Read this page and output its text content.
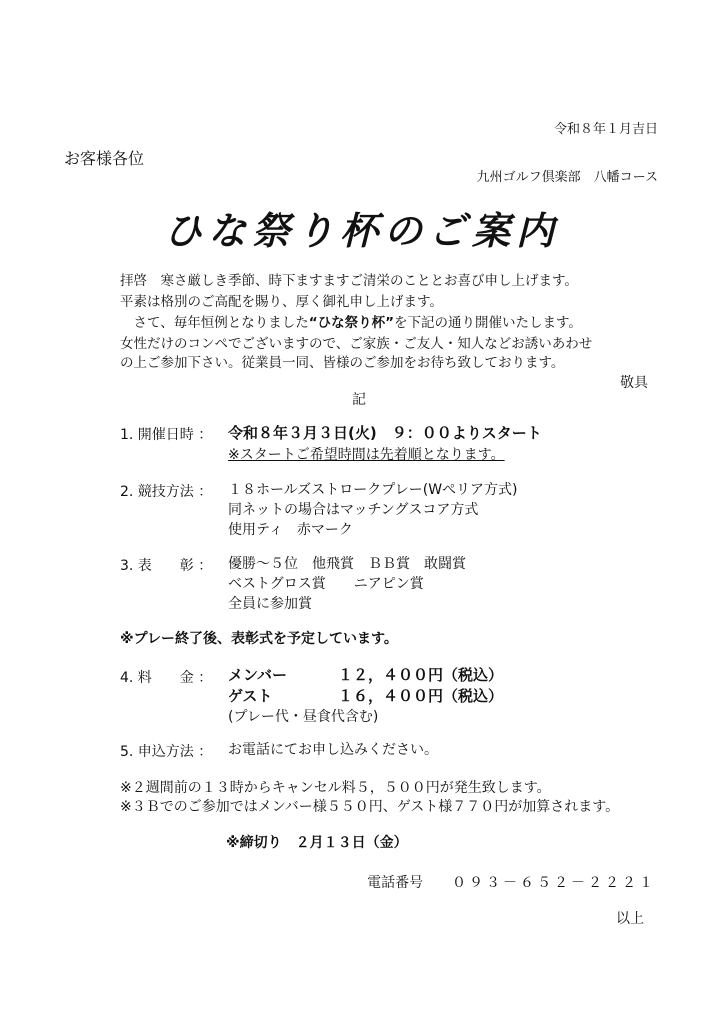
令和８年１月吉日
お客様各位
九州ゴルフ倶楽部　八幡コース
ひな祭り杯のご案内
拝啓　寒さ厳しき季節、時下ますますご清栄のこととお喜び申し上げます。
平素は格別のご高配を賜り、厚く御礼申し上げます。
　さて、毎年恒例となりました“ひな祭り杯”を下記の通り開催いたします。
女性だけのコンペでございますので、ご家族・ご友人・知人などお誘いあわせ
の上ご参加下さい。従業員一同、皆様のご参加をお待ち致しております。
敬具
記
1. 開催日時 ： 令和８年３月３日(火)　９：００よりスタート
※スタートご希望時間は先着順となります。
2. 競技方法 ： １８ホールズストロークプレー(Wぺリア方式)
同ネットの場合はマッチングスコア方式
使用ティ　赤マーク
3. 表　　彰 ： 優勝～５位　他飛賞　ＢＢ賞　敢闘賞
ベストグロス賞　　ニアピン賞
全員に参加賞
※プレー終了後、表彰式を予定しています。
4. 料　　金 ： メンバー	１２，４００円（税込）
ゲスト	１６，４００円（税込）
(プレー代・昼食代含む)
5. 申込方法 ： お電話にてお申し込みください。
※２週間前の１３時からキャンセル料５，５００円が発生致します。
※３Ｂでのご参加ではメンバー様５５０円、ゲスト様７７０円が加算されます。
※締切り　２月１３日（金）
電話番号 ０９３－６５２－２２２１
以上
